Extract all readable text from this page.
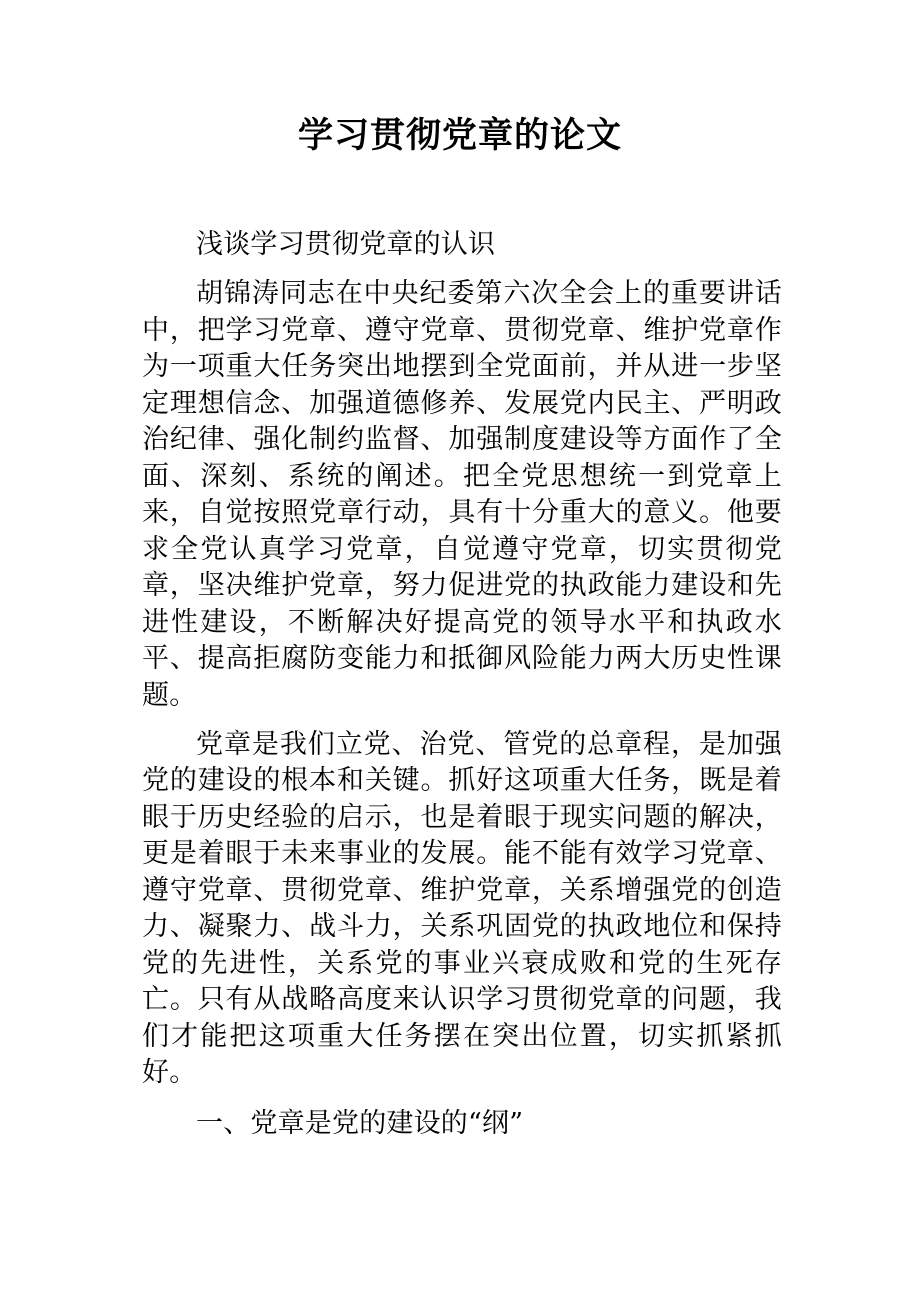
学习贯彻党章的论文

浅谈学习贯彻党章的认识

胡锦涛同志在中央纪委第六次全会上的重要讲话中，把学习党章、遵守党章、贯彻党章、维护党章作为一项重大任务突出地摆到全党面前，并从进一步坚定理想信念、加强道德修养、发展党内民主、严明政治纪律、强化制约监督、加强制度建设等方面作了全面、深刻、系统的阐述。把全党思想统一到党章上来，自觉按照党章行动，具有十分重大的意义。他要求全党认真学习党章，自觉遵守党章，切实贯彻党章，坚决维护党章，努力促进党的执政能力建设和先进性建设，不断解决好提高党的领导水平和执政水平、提高拒腐防变能力和抵御风险能力两大历史性课题。

党章是我们立党、治党、管党的总章程，是加强党的建设的根本和关键。抓好这项重大任务，既是着眼于历史经验的启示，也是着眼于现实问题的解决，更是着眼于未来事业的发展。能不能有效学习党章、遵守党章、贯彻党章、维护党章，关系增强党的创造力、凝聚力、战斗力，关系巩固党的执政地位和保持党的先进性，关系党的事业兴衰成败和党的生死存亡。只有从战略高度来认识学习贯彻党章的问题，我们才能把这项重大任务摆在突出位置，切实抓紧抓好。

一、党章是党的建设的“纲”
